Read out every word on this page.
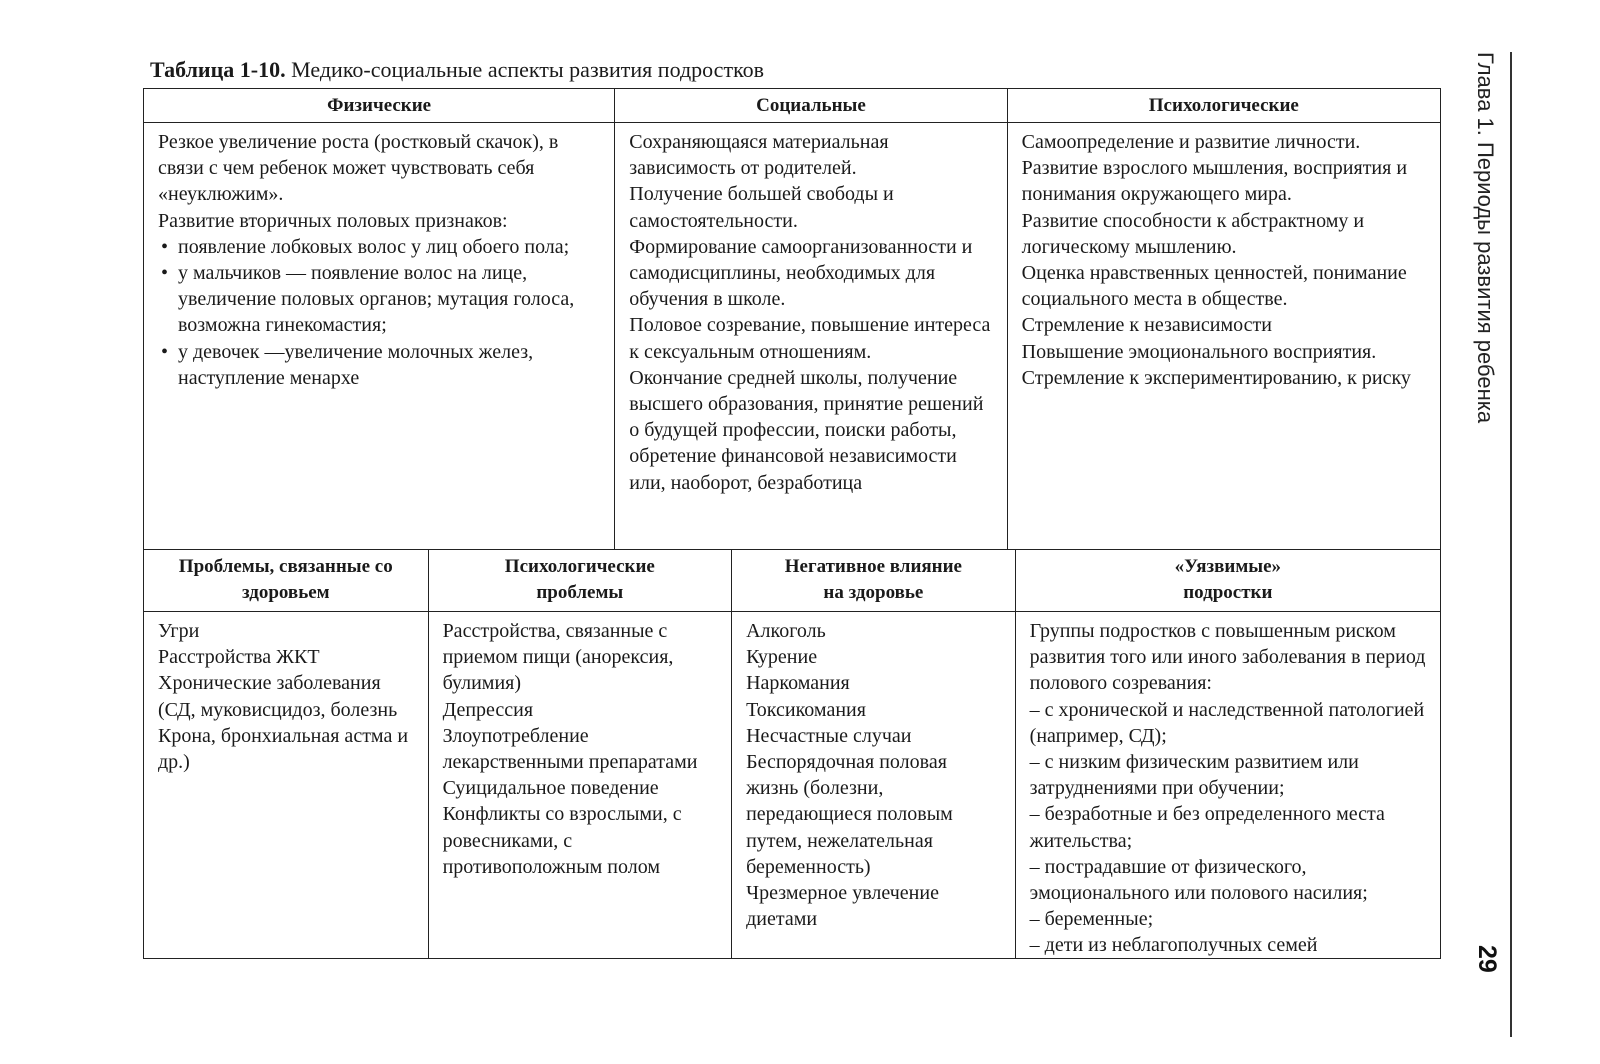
Таблица 1-10. Медико-социальные аспекты развития подростков
Физические	Социальные	Психологические

Резкое увеличение роста (ростковый скачок), в связи с чем ребенок может чувствовать себя «неуклюжим».

Развитие вторичных половых признаков:

• появление лобковых волос у лиц обоего пола;
• у мальчиков — появление волос на лице, увеличение половых органов; мутация голоса, возможна гинекомастия;
• у девочек —увеличение молочных желез, наступление менархе

Сохраняющаяся материальная зависимость от родителей.

Получение большей свободы и самостоятельности.

Формирование самоорганизованности и самодисциплины, необходимых для обучения в школе.

Половое созревание, повышение интереса к сексуальным отношениям.

Окончание средней школы, получение высшего образования, принятие решений о будущей профессии, поиски работы, обретение финансовой независимости или, наоборот, безработица

Самоопределение и развитие личности.

Развитие взрослого мышления, восприятия и понимания окружающего мира.

Развитие способности к абстрактному и логическому мышлению.

Оценка нравственных ценностей, понимание социального места в обществе.

Стремление к независимости

Повышение эмоционального восприятия.

Стремление к экспериментированию, к риску

Проблемы, связанные со
здоровьем
Психологические
проблемы
Негативное влияние
на здоровье
«Уязвимые»
подростки

Угри

Расстройства ЖКТ

Хронические заболевания (СД, муковисцидоз, болезнь Крона, бронхиальная астма и др.)

Расстройства, связанные с приемом пищи (анорексия, булимия)

Депрессия

Злоупотребление лекарственными препаратами

Суицидальное поведение

Конфликты со взрослыми, с ровесниками, с противоположным полом

Алкоголь

Курение

Наркомания

Токсикомания

Несчастные случаи

Беспорядочная половая жизнь (болезни, передающиеся половым путем, нежелательная беременность)

Чрезмерное увлечение диетами

Группы подростков с повышенным риском развития того или иного заболевания в период полового созревания:

– с хронической и наследственной патологией (например, СД);

– с низким физическим развитием или затруднениями при обучении;

– безработные и без определенного места жительства;

– пострадавшие от физического, эмоционального или полового насилия;

– беременные;

– дети из неблагополучных семей

Глава 1. Периоды развития ребенка
29
